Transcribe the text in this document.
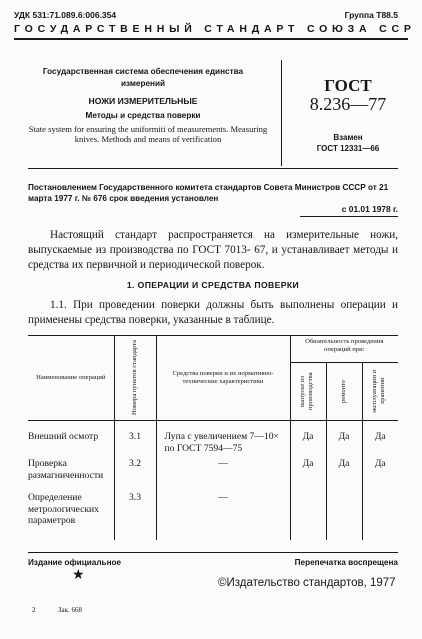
УДК 531:71.089.6:006.354	Группа Т88.5
ГОСУДАРСТВЕННЫЙ СТАНДАРТ СОЮЗА ССР
Государственная система обеспечения единства измерений
НОЖИ ИЗМЕРИТЕЛЬНЫЕ
Методы и средства поверки
State system for ensuring the uniformiti of measurements. Measuring knives. Methods and means of verification
ГОСТ
8.236—77
Взамен
ГОСТ 12331—66
Постановлением Государственного комитета стандартов Совета Министров СССР от 21 марта 1977 г. № 676 срок введения установлен
с 01.01 1978 г.
Настоящий стандарт распространяется на измерительные ножи, выпускаемые из производства по ГОСТ 7013- 67, и устанавливает методы и средства их первичной и периодической поверок.
1. ОПЕРАЦИИ И СРЕДСТВА ПОВЕРКИ
1.1. При проведении поверки должны быть выполнены операции и применены средства поверки, указанные в таблице.
Наименование операций	Номера пунктов стандарта	Средства поверки и их нормативно-технические характеристики	Обязательность проведения операций при:		

			выпуске из производства	ремонте	эксплуатации и хранении

Внешний осмотр	3.1	Лупа с увеличением 7—10× по ГОСТ 7594—75	Да	Да	Да
Проверка размагниченности	3.2	—	Да	Да	Да
Определение метрологических параметров	3.3	—			
Издание официальное	Перепечатка воспрещена
★	©Издательство стандартов, 1977
2	Зак. 668
